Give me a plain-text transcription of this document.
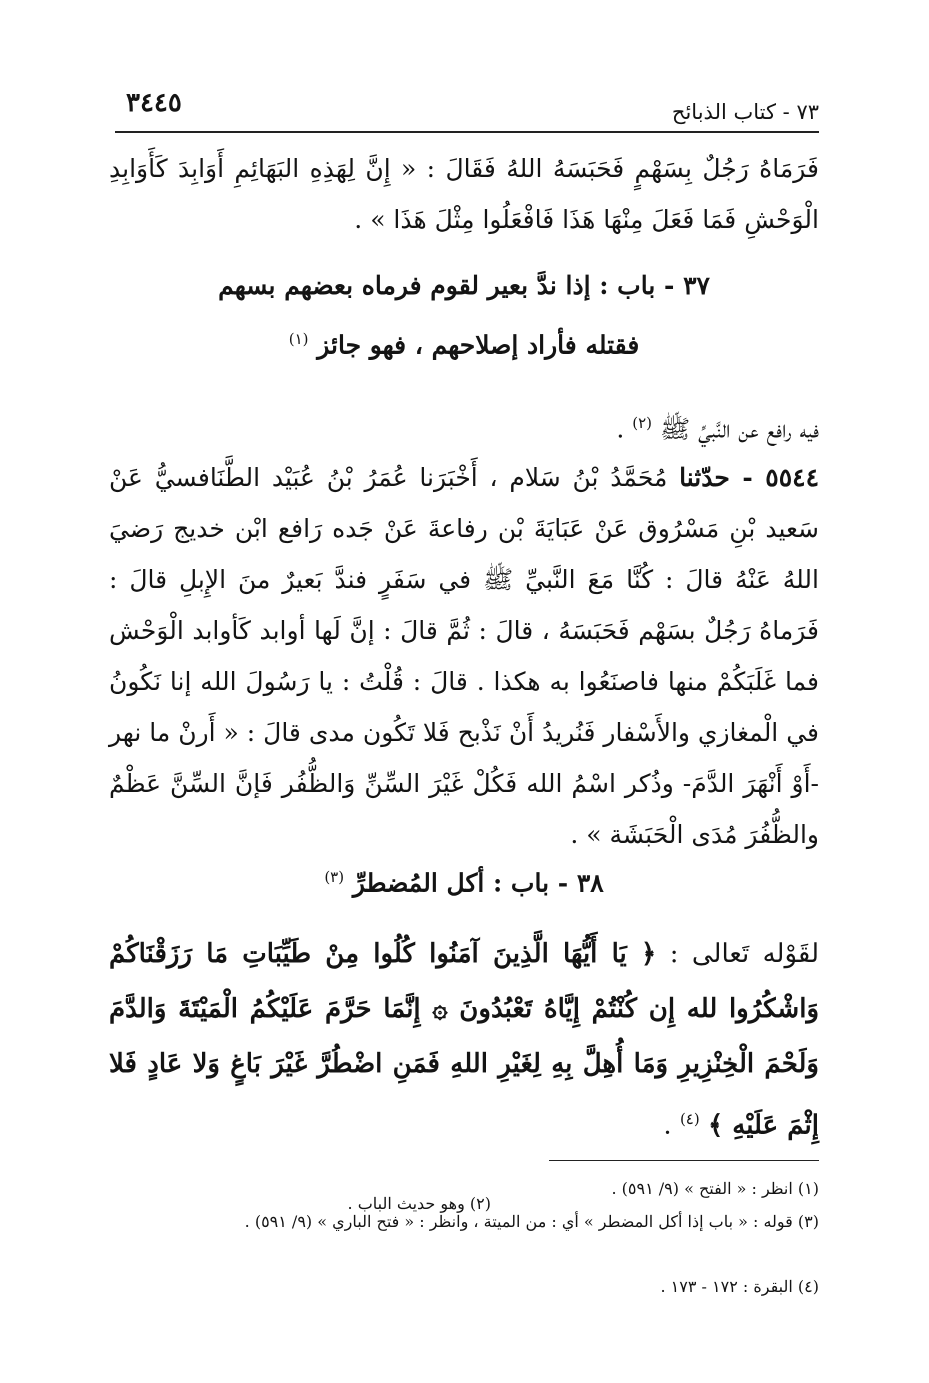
٧٣ - كتاب الذبائح
٣٤٤٥

فَرَمَاهُ رَجُلٌ بِسَهْمٍ فَحَبَسَهُ اللهُ فَقَالَ : « إِنَّ لِهَذِهِ البَهَائِمِ أَوَابِدَ كَأَوَابِدِ الْوَحْشِ فَمَا فَعَلَ مِنْهَا هَذَا فَافْعَلُوا مِثْلَ هَذَا » .

٣٧ - باب : إذا ندَّ بعير لقوم فرماه بعضهم بسهم

فقتله فأراد إصلاحهم ، فهو جائز $^{(١)}$

فيه رافع عن النَّبيِّ ﷺ $^{(٢)}$ .

٥٥٤٤ - حدّثنا مُحَمَّدُ بْنُ سَلام ، أَخْبَرَنا عُمَرُ بْنُ عُبَيْد الطَّنَافسيُّ عَنْ سَعيد بْنِ مَسْرُوق عَنْ عَبَايَةَ بْن رفاعةَ عَنْ جَده رَافع ابْن خديج رَضيَ اللهُ عَنْهُ قالَ : كُنَّا مَعَ النَّبيِّ ﷺ في سَفَرٍ فندَّ بَعيرٌ منَ الإِبلِ قالَ : فَرَماهُ رَجُلٌ بسَهْم فَحَبَسَهُ ، قالَ : ثُمَّ قالَ : إنَّ لَها أوابد كَأوابد الْوَحْش فما غَلَبَكُمْ منها فاصنَعُوا به هكذا . قالَ : قُلْتُ : يا رَسُولَ الله إنا نَكُونُ في الْمغازي والأَسْفار فَنُريدُ أَنْ نَذْبح فَلا تَكُون مدى قالَ : « أَرنْ ما نهر -أَوْ أَنْهَرَ الدَّمَ- وذُكر اسْمُ الله فَكُلْ غَيْرَ السِّنِّ وَالظُّفُر فَإنَّ السِّنَّ عَظْمٌ والظُّفُرَ مُدَى الْحَبَشَة » .

٣٨ - باب : أكل المُضطرِّ $^{(٣)}$

لقَوْله تَعالى : ﴿ يَا أَيُّهَا الَّذِينَ آمَنُوا كُلُوا مِنْ طَيِّبَاتِ مَا رَزَقْنَاكُمْ وَاشْكُرُوا لله إِن كُنْتُمْ إِيَّاهُ تَعْبُدُونَ ۞ إِنَّمَا حَرَّمَ عَلَيْكُمُ الْمَيْتَةَ وَالدَّمَ وَلَحْمَ الْخِنْزِيرِ وَمَا أُهِلَّ بِهِ لِغَيْرِ اللهِ فَمَنِ اضْطُرَّ غَيْرَ بَاغٍ وَلا عَادٍ فَلا إِثْمَ عَلَيْهِ ﴾ $^{(٤)}$ .

(١) انظر : « الفتح » (٩/ ٥٩١) .

(٢) وهو حديث الباب .

(٣) قوله : « باب إذا أكل المضطر » أي : من الميتة ، وانظر : « فتح الباري » (٩/ ٥٩١) .

(٤) البقرة : ١٧٢ - ١٧٣ .
